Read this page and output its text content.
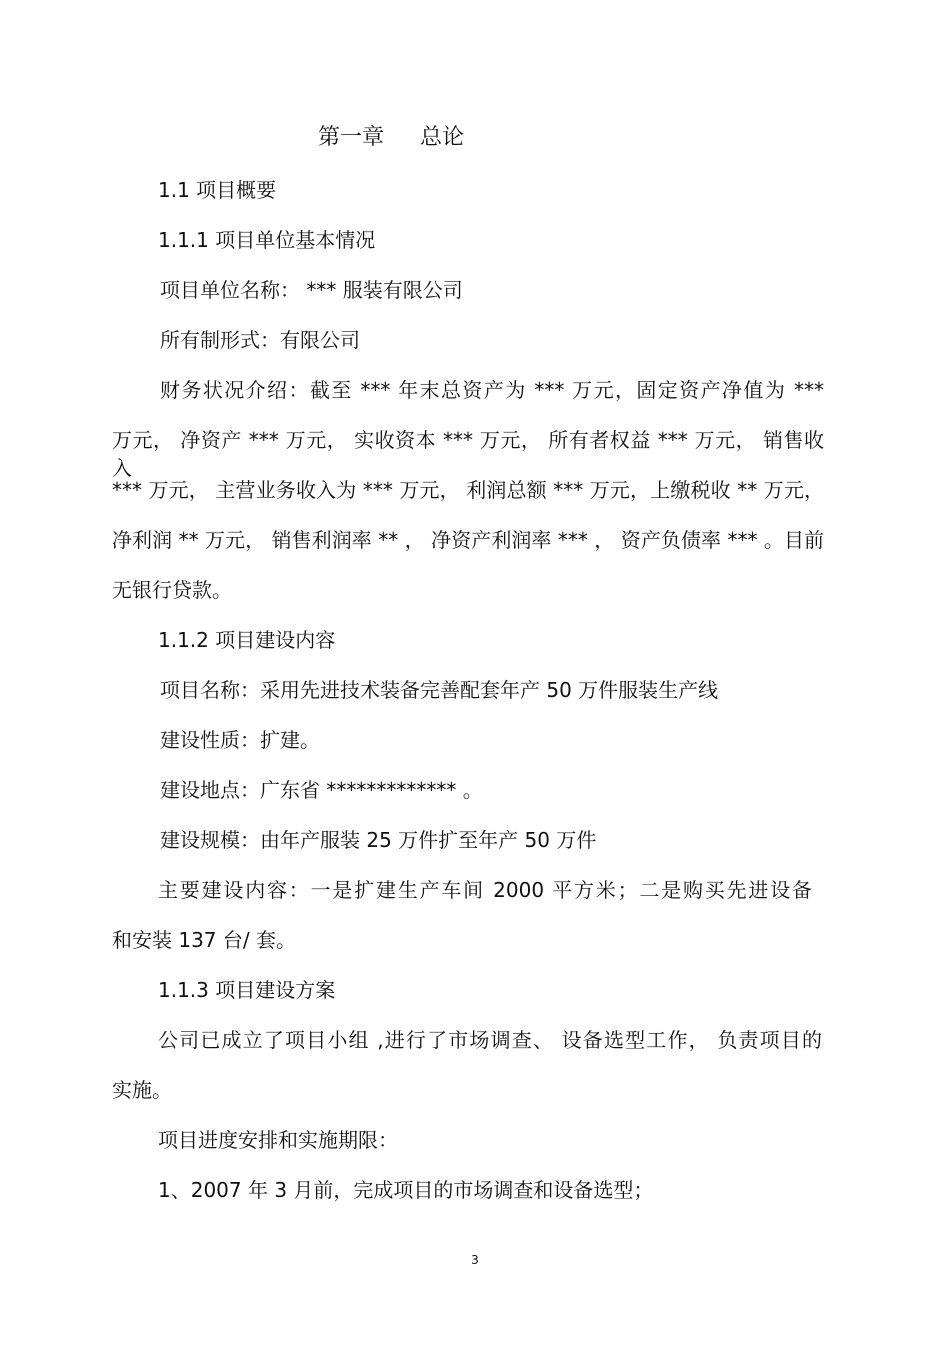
第一章 总论
1.1 项目概要
1.1.1 项目单位基本情况
项目单位名称： *** 服装有限公司
所有制形式：有限公司
财务状况介绍：截至 *** 年末总资产为 *** 万元，固定资产净值为 ***
万元， 净资产 *** 万元， 实收资本 *** 万元， 所有者权益 *** 万元， 销售收入
*** 万元， 主营业务收入为 *** 万元， 利润总额 *** 万元，上缴税收 ** 万元，
净利润 ** 万元， 销售利润率 ** ， 净资产利润率 *** ， 资产负债率 *** 。目前
无银行贷款。
1.1.2 项目建设内容
项目名称：采用先进技术装备完善配套年产 50 万件服装生产线
建设性质：扩建。
建设地点：广东省 ************* 。
建设规模：由年产服装 25 万件扩至年产 50 万件
主要建设内容：一是扩建生产车间 2000 平方米；二是购买先进设备
和安装 137 台/ 套。
1.1.3 项目建设方案
公司已成立了项目小组 ,进行了市场调查、 设备选型工作， 负责项目的
实施。
项目进度安排和实施期限：
1、2007 年 3 月前，完成项目的市场调查和设备选型；
3
